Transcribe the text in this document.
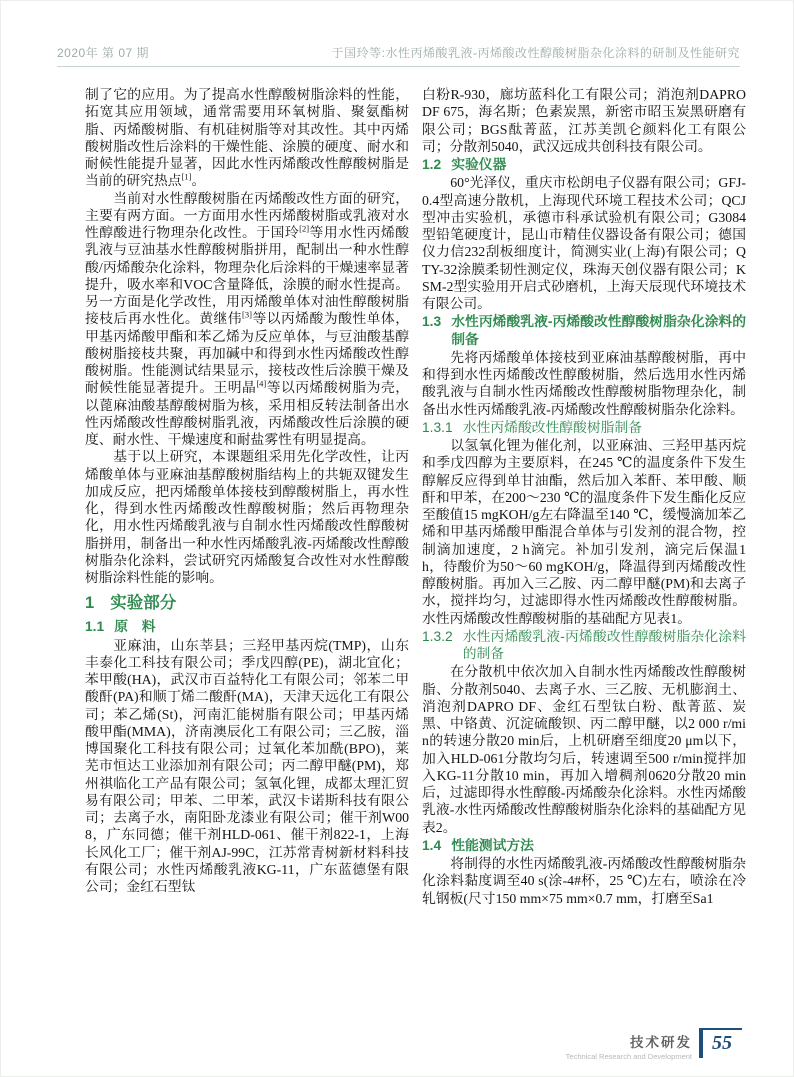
2020年 第 07 期	于国玲等:水性丙烯酸乳液-丙烯酸改性醇酸树脂杂化涂料的研制及性能研究

制了它的应用。为了提高水性醇酸树脂涂料的性能，拓宽其应用领域，通常需要用环氧树脂、聚氨酯树脂、丙烯酸树脂、有机硅树脂等对其改性。其中丙烯酸树脂改性后涂料的干燥性能、涂膜的硬度、耐水和耐候性能提升显著，因此水性丙烯酸改性醇酸树脂是当前的研究热点[1]。

当前对水性醇酸树脂在丙烯酸改性方面的研究，主要有两方面。一方面用水性丙烯酸树脂或乳液对水性醇酸进行物理杂化改性。于国玲[2]等用水性丙烯酸乳液与豆油基水性醇酸树脂拼用，配制出一种水性醇酸/丙烯酸杂化涂料，物理杂化后涂料的干燥速率显著提升，吸水率和VOC含量降低，涂膜的耐水性提高。另一方面是化学改性，用丙烯酸单体对油性醇酸树脂接枝后再水性化。黄继伟[3]等以丙烯酸为酸性单体，甲基丙烯酸甲酯和苯乙烯为反应单体，与豆油酸基醇酸树脂接枝共聚，再加碱中和得到水性丙烯酸改性醇酸树脂。性能测试结果显示，接枝改性后涂膜干燥及耐候性能显著提升。王明晶[4]等以丙烯酸树脂为壳，以蓖麻油酸基醇酸树脂为核，采用相反转法制备出水性丙烯酸改性醇酸树脂乳液，丙烯酸改性后涂膜的硬度、耐水性、干燥速度和耐盐雾性有明显提高。

基于以上研究，本课题组采用先化学改性，让丙烯酸单体与亚麻油基醇酸树脂结构上的共轭双键发生加成反应，把丙烯酸单体接枝到醇酸树脂上，再水性化，得到水性丙烯酸改性醇酸树脂；然后再物理杂化，用水性丙烯酸乳液与自制水性丙烯酸改性醇酸树脂拼用，制备出一种水性丙烯酸乳液-丙烯酸改性醇酸树脂杂化涂料，尝试研究丙烯酸复合改性对水性醇酸树脂涂料性能的影响。

1 实验部分
1.1 原　料

亚麻油，山东莘县；三羟甲基丙烷(TMP)，山东丰泰化工科技有限公司；季戊四醇(PE)，湖北宜化；苯甲酸(HA)，武汉市百益特化工有限公司；邻苯二甲酸酐(PA)和顺丁烯二酸酐(MA)，天津天远化工有限公司；苯乙烯(St)，河南汇能树脂有限公司；甲基丙烯酸甲酯(MMA)，济南澳辰化工有限公司；三乙胺，淄博国聚化工科技有限公司；过氧化苯加酰(BPO)，莱芜市恒达工业添加剂有限公司；丙二醇甲醚(PM)，郑州祺临化工产品有限公司；氢氧化锂，成都太理汇贸易有限公司；甲苯、二甲苯，武汉卡诺斯科技有限公司；去离子水，南阳卧龙漆业有限公司；催干剂W008，广东同德；催干剂HLD-061、催干剂822-1，上海长风化工厂；催干剂AJ-99C，江苏常青树新材料科技有限公司；水性丙烯酸乳液KG-11，广东蓝德堡有限公司；金红石型钛

白粉R-930，廊坊蓝科化工有限公司；消泡剂DAPRO DF 675，海名斯；色素炭黑，新密市昭玉炭黑研磨有限公司；BGS酞菁蓝，江苏美凯仑颜料化工有限公司；分散剂5040，武汉远成共创科技有限公司。

1.2 实验仪器

60°光泽仪，重庆市松朗电子仪器有限公司；GFJ-0.4型高速分散机，上海现代环境工程技术公司；QCJ型冲击实验机，承德市科承试验机有限公司；G3084型铅笔硬度计，昆山市精佳仪器设备有限公司；德国仪力信232刮板细度计，简测实业(上海)有限公司；QTY-32涂膜柔韧性测定仪，珠海天创仪器有限公司；KSM-2型实验用开启式砂磨机，上海天辰现代环境技术有限公司。

1.3 水性丙烯酸乳液-丙烯酸改性醇酸树脂杂化涂料的制备

先将丙烯酸单体接枝到亚麻油基醇酸树脂，再中和得到水性丙烯酸改性醇酸树脂，然后选用水性丙烯酸乳液与自制水性丙烯酸改性醇酸树脂物理杂化，制备出水性丙烯酸乳液-丙烯酸改性醇酸树脂杂化涂料。

1.3.1 水性丙烯酸改性醇酸树脂制备

以氢氧化锂为催化剂，以亚麻油、三羟甲基丙烷和季戊四醇为主要原料，在245 ℃的温度条件下发生醇解反应得到单甘油酯，然后加入苯酐、苯甲酸、顺酐和甲苯，在200～230 ℃的温度条件下发生酯化反应至酸值15 mgKOH/g左右降温至140 ℃，缓慢滴加苯乙烯和甲基丙烯酸甲酯混合单体与引发剂的混合物，控制滴加速度，2 h滴完。补加引发剂，滴完后保温1 h，待酸价为50～60 mgKOH/g，降温得到丙烯酸改性醇酸树脂。再加入三乙胺、丙二醇甲醚(PM)和去离子水，搅拌均匀，过滤即得水性丙烯酸改性醇酸树脂。水性丙烯酸改性醇酸树脂的基础配方见表1。

1.3.2 水性丙烯酸乳液-丙烯酸改性醇酸树脂杂化涂料的制备

在分散机中依次加入自制水性丙烯酸改性醇酸树脂、分散剂5040、去离子水、三乙胺、无机膨润土、消泡剂DAPRO DF、金红石型钛白粉、酞菁蓝、炭黑、中铬黄、沉淀硫酸钡、丙二醇甲醚，以2 000 r/min的转速分散20 min后，上机研磨至细度20 μm以下，加入HLD-061分散均匀后，转速调至500 r/min搅拌加入KG-11分散10 min，再加入增稠剂0620分散20 min后，过滤即得水性醇酸-丙烯酸杂化涂料。水性丙烯酸乳液-水性丙烯酸改性醇酸树脂杂化涂料的基础配方见表2。

1.4 性能测试方法

将制得的水性丙烯酸乳液-丙烯酸改性醇酸树脂杂化涂料黏度调至40 s(涂-4#杯，25 ℃)左右，喷涂在冷轧钢板(尺寸150 mm×75 mm×0.7 mm，打磨至Sa1

技术研发
Technical Research and Development
55
